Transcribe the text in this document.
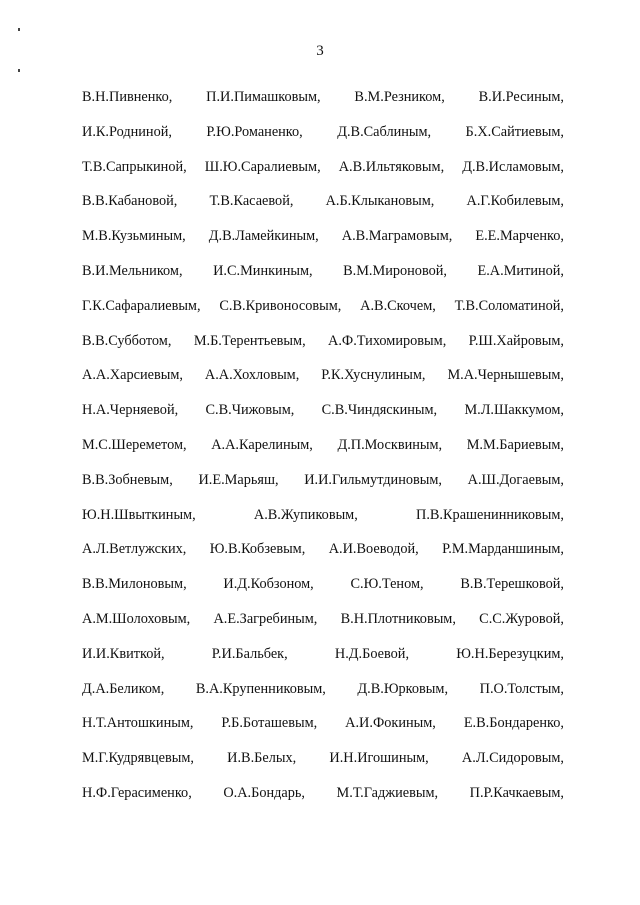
3
В.Н.Пивненко, П.И.Пимашковым, В.М.Резником, В.И.Ресиным,
И.К.Родниной, Р.Ю.Романенко, Д.В.Саблиным, Б.Х.Сайтиевым,
Т.В.Сапрыкиной, Ш.Ю.Саралиевым, А.В.Ильтяковым, Д.В.Исламовым,
В.В.Кабановой, Т.В.Касаевой, А.Б.Клыкановым, А.Г.Кобилевым,
М.В.Кузьминым, Д.В.Ламейкиным, А.В.Маграмовым, Е.Е.Марченко,
В.И.Мельником, И.С.Минкиным, В.М.Мироновой, Е.А.Митиной,
Г.К.Сафаралиевым, С.В.Кривоносовым, А.В.Скочем, Т.В.Соломатиной,
В.В.Субботом, М.Б.Терентьевым, А.Ф.Тихомировым, Р.Ш.Хайровым,
А.А.Харсиевым, А.А.Хохловым, Р.К.Хуснулиным, М.А.Чернышевым,
Н.А.Черняевой, С.В.Чижовым, С.В.Чиндяскиным, М.Л.Шаккумом,
М.С.Шереметом, А.А.Карелиным, Д.П.Москвиным, М.М.Бариевым,
В.В.Зобневым, И.Е.Марьяш, И.И.Гильмутдиновым, А.Ш.Догаевым,
Ю.Н.Швыткиным,	А.В.Жупиковым,	П.В.Крашенинниковым,
А.Л.Ветлужских, Ю.В.Кобзевым, А.И.Воеводой, Р.М.Марданшиным,
В.В.Милоновым,	И.Д.Кобзоном,	С.Ю.Теном,	В.В.Терешковой,
А.М.Шолоховым, А.Е.Загребиным, В.Н.Плотниковым, С.С.Журовой,
И.И.Квиткой,	Р.И.Бальбек,	Н.Д.Боевой,	Ю.Н.Березуцким,
Д.А.Беликом, В.А.Крупенниковым, Д.В.Юрковым, П.О.Толстым,
Н.Т.Антошкиным, Р.Б.Боташевым, А.И.Фокиным, Е.В.Бондаренко,
М.Г.Кудрявцевым, И.В.Белых, И.Н.Игошиным, А.Л.Сидоровым,
Н.Ф.Герасименко, О.А.Бондарь, М.Т.Гаджиевым, П.Р.Качкаевым,
